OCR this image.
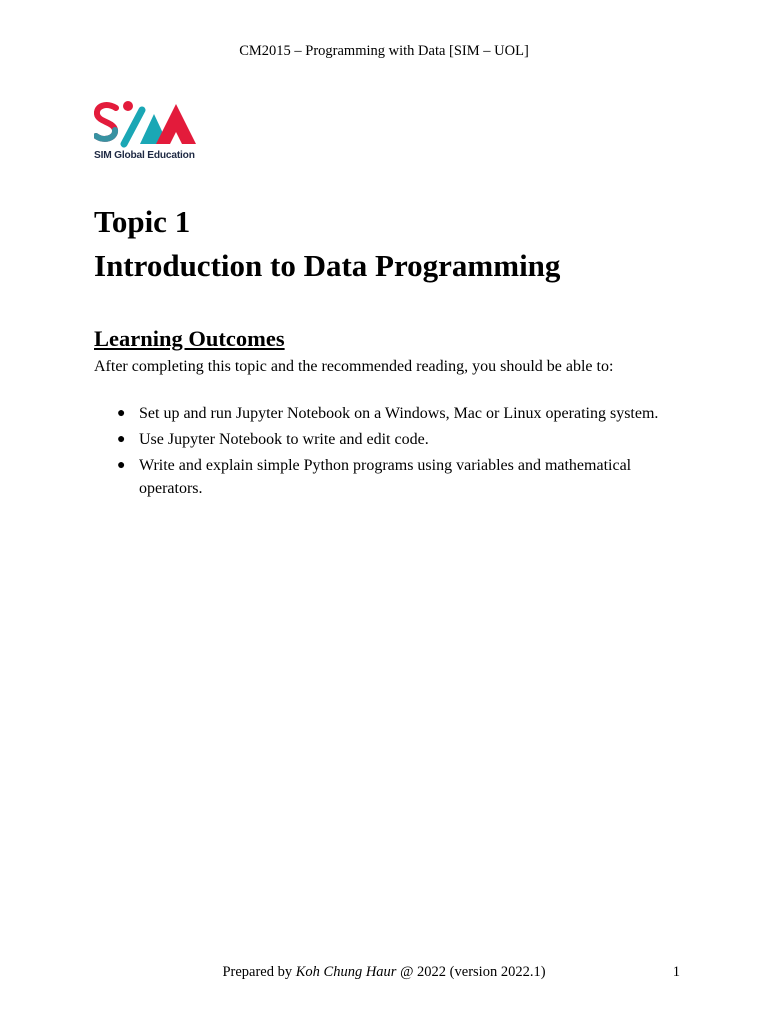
CM2015 – Programming with Data [SIM – UOL]
SIM Global Education
Topic 1
Introduction to Data Programming
Learning Outcomes

After completing this topic and the recommended reading, you should be able to:

● Set up and run Jupyter Notebook on a Windows, Mac or Linux operating system.
● Use Jupyter Notebook to write and edit code.
● Write and explain simple Python programs using variables and mathematical operators.
Prepared by Koh Chung Haur @ 2022 (version 2022.1)	1
